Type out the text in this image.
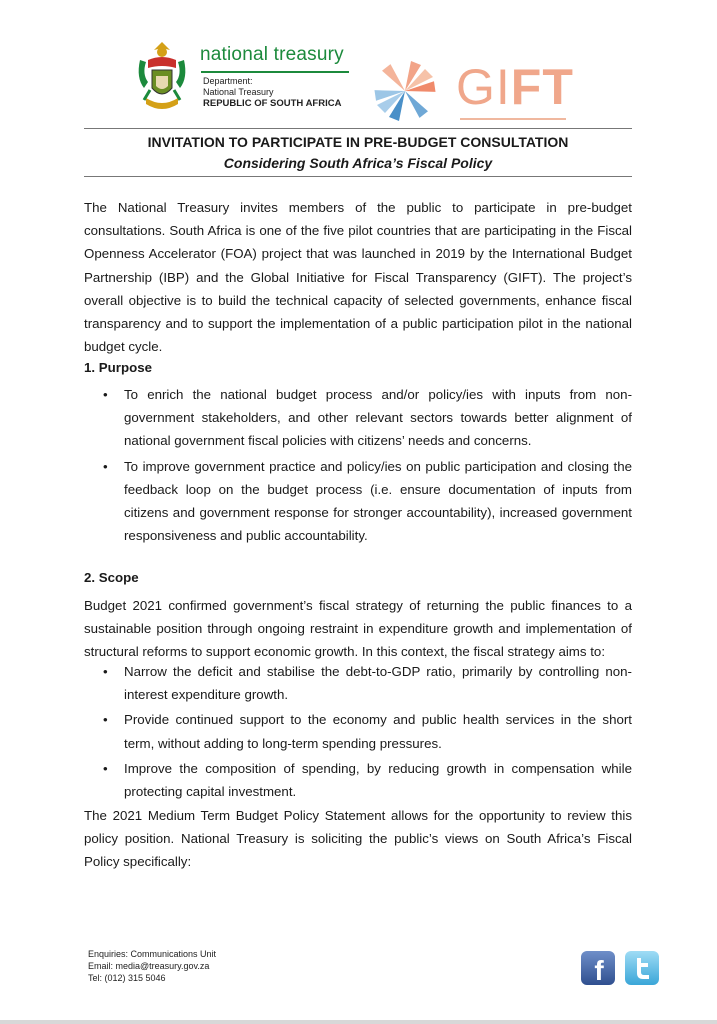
national treasury
Department:
National Treasury
REPUBLIC OF SOUTH AFRICA GIFT
INVITATION TO PARTICIPATE IN PRE-BUDGET CONSULTATION
Considering South Africa’s Fiscal Policy

The National Treasury invites members of the public to participate in pre-budget consultations. South Africa is one of the five pilot countries that are participating in the Fiscal Openness Accelerator (FOA) project that was launched in 2019 by the International Budget Partnership (IBP) and the Global Initiative for Fiscal Transparency (GIFT). The project’s overall objective is to build the technical capacity of selected governments, enhance fiscal transparency and to support the implementation of a public participation pilot in the national budget cycle.

1. Purpose
• To enrich the national budget process and/or policy/ies with inputs from non-government stakeholders, and other relevant sectors towards better alignment of national government fiscal policies with citizens’ needs and concerns.
• To improve government practice and policy/ies on public participation and closing the feedback loop on the budget process (i.e. ensure documentation of inputs from citizens and government response for stronger accountability), increased government responsiveness and public accountability.
2. Scope

Budget 2021 confirmed government’s fiscal strategy of returning the public finances to a sustainable position through ongoing restraint in expenditure growth and implementation of structural reforms to support economic growth. In this context, the fiscal strategy aims to:

• Narrow the deficit and stabilise the debt-to-GDP ratio, primarily by controlling non-interest expenditure growth.
• Provide continued support to the economy and public health services in the short term, without adding to long-term spending pressures.
• Improve the composition of spending, by reducing growth in compensation while protecting capital investment.

The 2021 Medium Term Budget Policy Statement allows for the opportunity to review this policy position. National Treasury is soliciting the public’s views on South Africa’s Fiscal Policy specifically:

Enquiries: Communications Unit
Email: media@treasury.gov.za
Tel: (012) 315 5046	f
